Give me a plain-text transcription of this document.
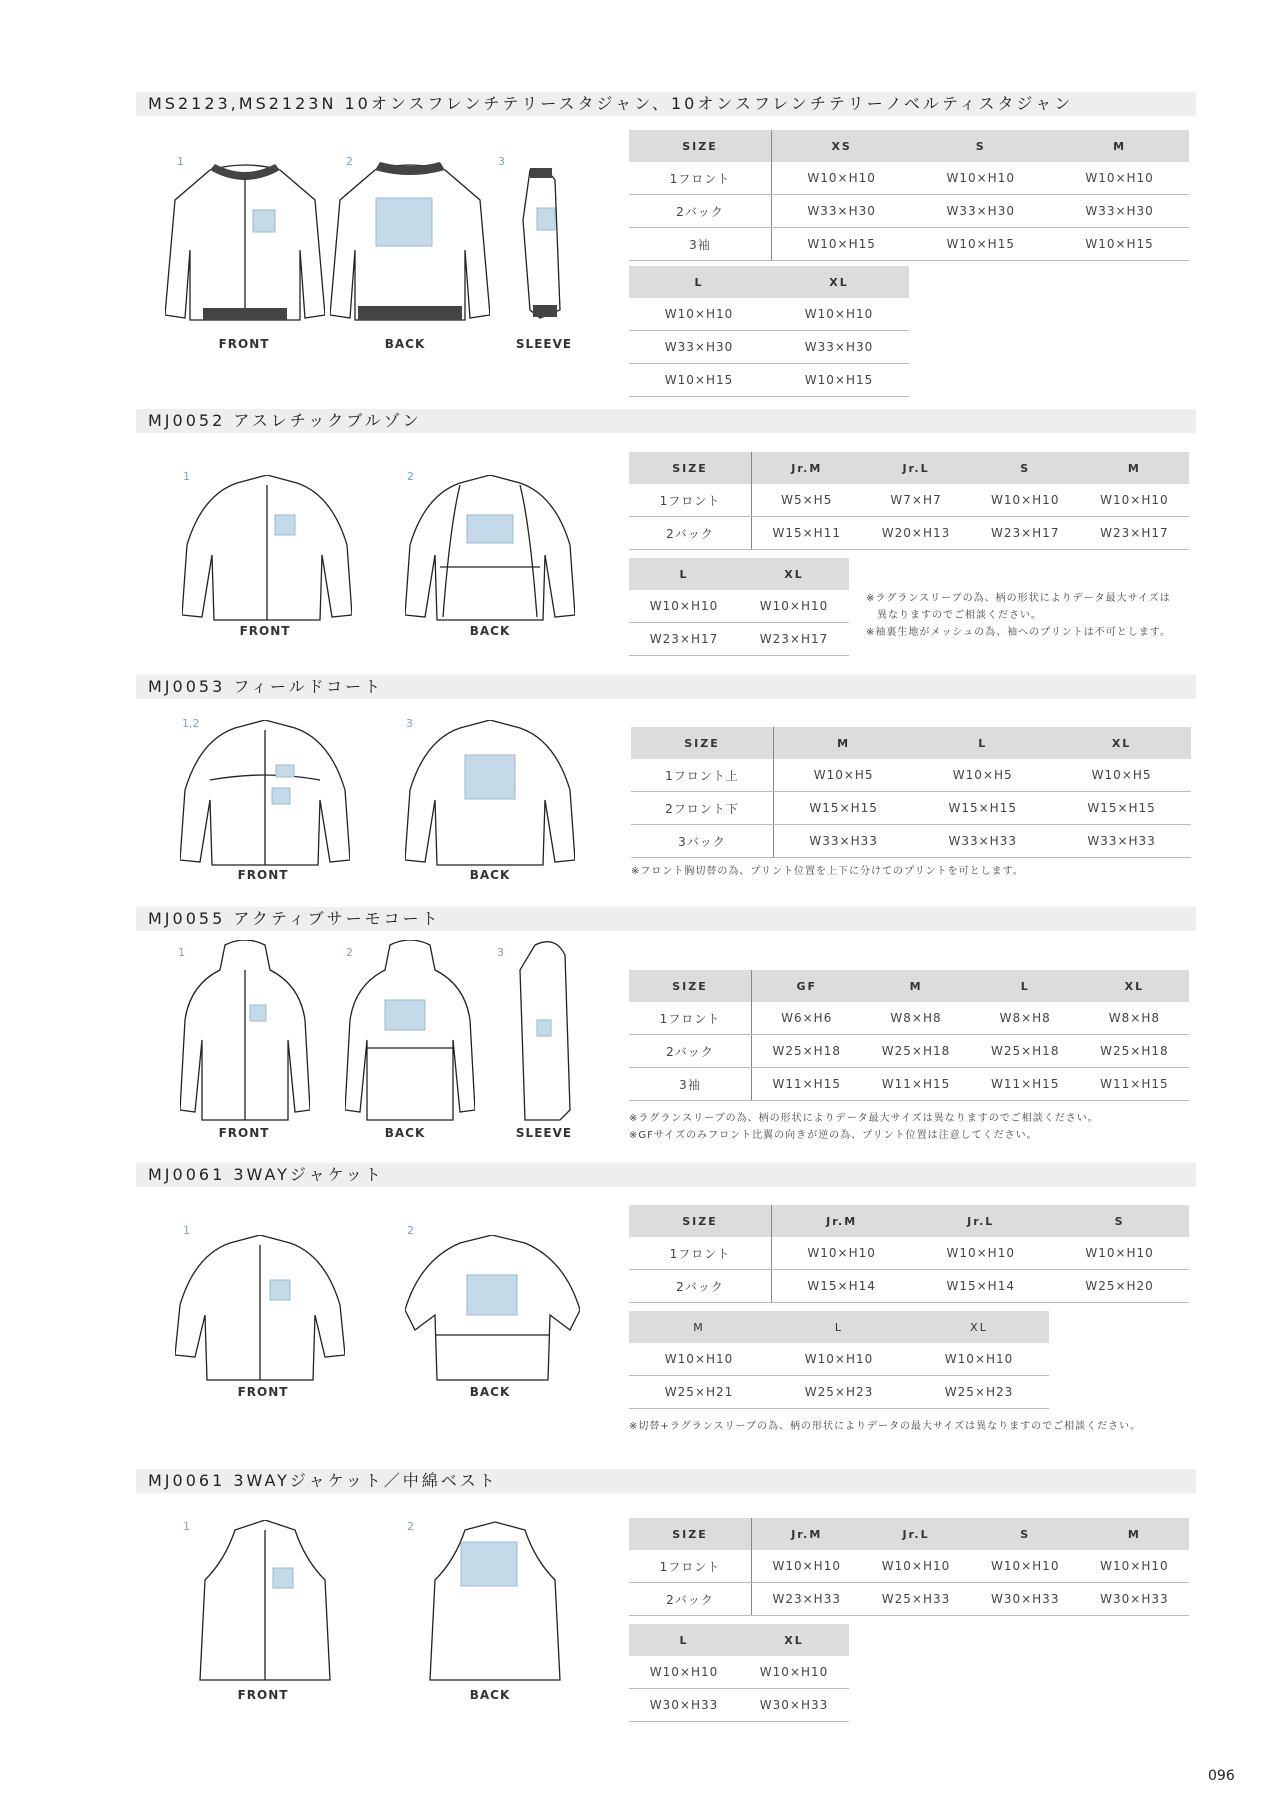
MS2123,MS2123N 10オンスフレンチテリースタジャン、10オンスフレンチテリーノベルティスタジャン
1	2	3
FRONT	BACK	SLEEVE
SIZE	XS	S	M
1フロント	W10×H10	W10×H10	W10×H10
2バック	W33×H30	W33×H30	W33×H30
3袖	W10×H15	W10×H15	W10×H15
L	XL
W10×H10	W10×H10
W33×H30	W33×H30
W10×H15	W10×H15
MJ0052 アスレチックブルゾン
1	2
FRONT	BACK
SIZE	Jr.M	Jr.L	S	M
1フロント	W5×H5	W7×H7	W10×H10	W10×H10
2バック	W15×H11	W20×H13	W23×H17	W23×H17
L	XL
W10×H10	W10×H10
W23×H17	W23×H17
※ラグランスリーブの為、柄の形状によりデータ最大サイズは
　異なりますのでご相談ください。
※袖裏生地がメッシュの為、袖へのプリントは不可とします。
MJ0053 フィールドコート
1,2	3
FRONT	BACK
SIZE	M	L	XL
1フロント上	W10×H5	W10×H5	W10×H5
2フロント下	W15×H15	W15×H15	W15×H15
3バック	W33×H33	W33×H33	W33×H33
※フロント胸切替の為、プリント位置を上下に分けてのプリントを可とします。
MJ0055 アクティブサーモコート
1	2	3
FRONT	BACK	SLEEVE
SIZE	GF	M	L	XL
1フロント	W6×H6	W8×H8	W8×H8	W8×H8
2バック	W25×H18	W25×H18	W25×H18	W25×H18
3袖	W11×H15	W11×H15	W11×H15	W11×H15
※ラグランスリーブの為、柄の形状によりデータ最大サイズは異なりますのでご相談ください。
※GFサイズのみフロント比翼の向きが逆の為、プリント位置は注意してください。
MJ0061 3WAYジャケット
1	2
FRONT	BACK
SIZE	Jr.M	Jr.L	S
1フロント	W10×H10	W10×H10	W10×H10
2バック	W15×H14	W15×H14	W25×H20
M	L	XL
W10×H10	W10×H10	W10×H10
W25×H21	W25×H23	W25×H23
※切替+ラグランスリーブの為、柄の形状によりデータの最大サイズは異なりますのでご相談ください。
MJ0061 3WAYジャケット／中綿ベスト
1	2
FRONT	BACK
SIZE	Jr.M	Jr.L	S	M
1フロント	W10×H10	W10×H10	W10×H10	W10×H10
2バック	W23×H33	W25×H33	W30×H33	W30×H33
L	XL
W10×H10	W10×H10
W30×H33	W30×H33
096
